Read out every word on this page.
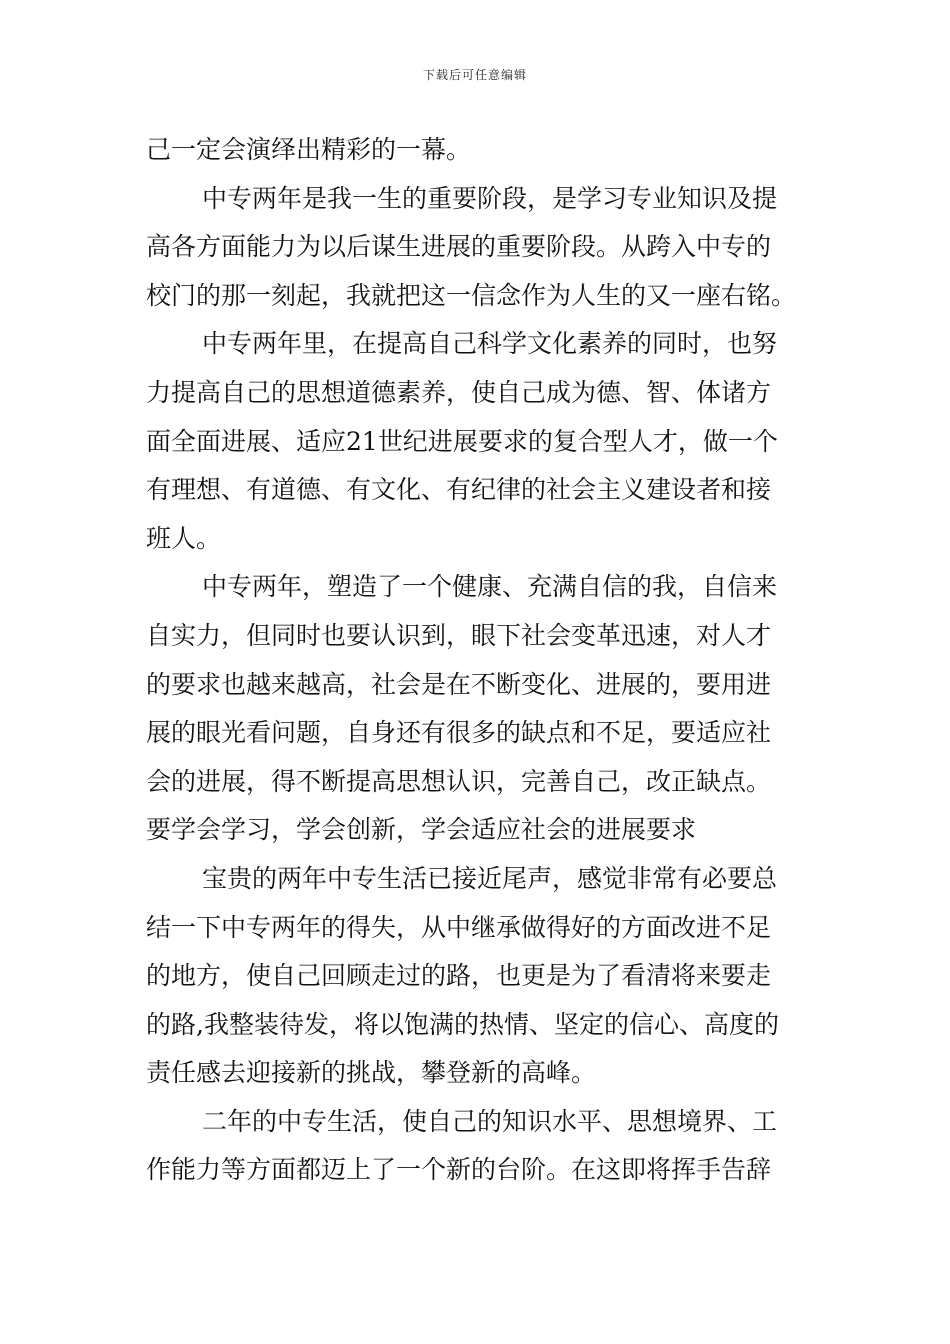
下载后可任意编辑
己一定会演绎出精彩的一幕。
中专两年是我一生的重要阶段，是学习专业知识及提
高各方面能力为以后谋生进展的重要阶段。从跨入中专的
校门的那一刻起，我就把这一信念作为人生的又一座右铭。
中专两年里，在提高自己科学文化素养的同时，也努
力提高自己的思想道德素养，使自己成为德、智、体诸方
面全面进展、适应21世纪进展要求的复合型人才，做一个
有理想、有道德、有文化、有纪律的社会主义建设者和接
班人。
中专两年，塑造了一个健康、充满自信的我，自信来
自实力，但同时也要认识到，眼下社会变革迅速，对人才
的要求也越来越高，社会是在不断变化、进展的，要用进
展的眼光看问题，自身还有很多的缺点和不足，要适应社
会的进展，得不断提高思想认识，完善自己，改正缺点。
要学会学习，学会创新，学会适应社会的进展要求
宝贵的两年中专生活已接近尾声，感觉非常有必要总
结一下中专两年的得失，从中继承做得好的方面改进不足
的地方，使自己回顾走过的路，也更是为了看清将来要走
的路,我整装待发，将以饱满的热情、坚定的信心、高度的
责任感去迎接新的挑战，攀登新的高峰。
二年的中专生活，使自己的知识水平、思想境界、工
作能力等方面都迈上了一个新的台阶。在这即将挥手告辞
